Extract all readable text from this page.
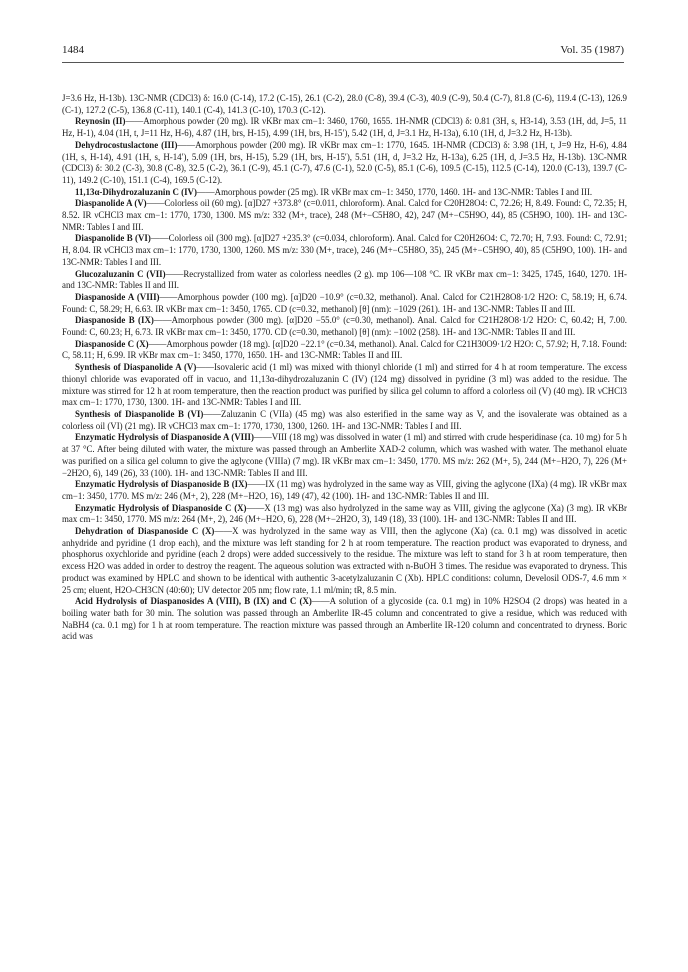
1484	Vol. 35 (1987)

J=3.6 Hz, H-13b). 13C-NMR (CDCl3) δ: 16.0 (C-14), 17.2 (C-15), 26.1 (C-2), 28.0 (C-8), 39.4 (C-3), 40.9 (C-9), 50.4 (C-7), 81.8 (C-6), 119.4 (C-13), 126.9 (C-1), 127.2 (C-5), 136.8 (C-11), 140.1 (C-4), 141.3 (C-10), 170.3 (C-12).

Reynosin (II)——Amorphous powder (20 mg). IR νKBr max cm−1: 3460, 1760, 1655. 1H-NMR (CDCl3) δ: 0.81 (3H, s, H3-14), 3.53 (1H, dd, J=5, 11 Hz, H-1), 4.04 (1H, t, J=11 Hz, H-6), 4.87 (1H, brs, H-15), 4.99 (1H, brs, H-15′), 5.42 (1H, d, J=3.1 Hz, H-13a), 6.10 (1H, d, J=3.2 Hz, H-13b).

Dehydrocostuslactone (III)——Amorphous powder (200 mg). IR νKBr max cm−1: 1770, 1645. 1H-NMR (CDCl3) δ: 3.98 (1H, t, J=9 Hz, H-6), 4.84 (1H, s, H-14), 4.91 (1H, s, H-14′), 5.09 (1H, brs, H-15), 5.29 (1H, brs, H-15′), 5.51 (1H, d, J=3.2 Hz, H-13a), 6.25 (1H, d, J=3.5 Hz, H-13b). 13C-NMR (CDCl3) δ: 30.2 (C-3), 30.8 (C-8), 32.5 (C-2), 36.1 (C-9), 45.1 (C-7), 47.6 (C-1), 52.0 (C-5), 85.1 (C-6), 109.5 (C-15), 112.5 (C-14), 120.0 (C-13), 139.7 (C-11), 149.2 (C-10), 151.1 (C-4), 169.5 (C-12).

11,13α-Dihydrozaluzanin C (IV)——Amorphous powder (25 mg). IR νKBr max cm−1: 3450, 1770, 1460. 1H- and 13C-NMR: Tables I and III.

Diaspanolide A (V)——Colorless oil (60 mg). [α]D27 +373.8° (c=0.011, chloroform). Anal. Calcd for C20H28O4: C, 72.26; H, 8.49. Found: C, 72.35; H, 8.52. IR νCHCl3 max cm−1: 1770, 1730, 1300. MS m/z: 332 (M+, trace), 248 (M+−C5H8O, 42), 247 (M+−C5H9O, 44), 85 (C5H9O, 100). 1H- and 13C-NMR: Tables I and III.

Diaspanolide B (VI)——Colorless oil (300 mg). [α]D27 +235.3° (c=0.034, chloroform). Anal. Calcd for C20H26O4: C, 72.70; H, 7.93. Found: C, 72.91; H, 8.04. IR νCHCl3 max cm−1: 1770, 1730, 1300, 1260. MS m/z: 330 (M+, trace), 246 (M+−C5H8O, 35), 245 (M+−C5H9O, 40), 85 (C5H9O, 100). 1H- and 13C-NMR: Tables I and III.

Glucozaluzanin C (VII)——Recrystallized from water as colorless needles (2 g). mp 106—108 °C. IR νKBr max cm−1: 3425, 1745, 1640, 1270. 1H- and 13C-NMR: Tables II and III.

Diaspanoside A (VIII)——Amorphous powder (100 mg). [α]D20 −10.9° (c=0.32, methanol). Anal. Calcd for C21H28O8·1/2 H2O: C, 58.19; H, 6.74. Found: C, 58.29; H, 6.63. IR νKBr max cm−1: 3450, 1765. CD (c=0.32, methanol) [θ] (nm): −1029 (261). 1H- and 13C-NMR: Tables II and III.

Diaspanoside B (IX)——Amorphous powder (300 mg). [α]D20 −55.0° (c=0.30, methanol). Anal. Calcd for C21H28O8·1/2 H2O: C, 60.42; H, 7.00. Found: C, 60.23; H, 6.73. IR νKBr max cm−1: 3450, 1770. CD (c=0.30, methanol) [θ] (nm): −1002 (258). 1H- and 13C-NMR: Tables II and III.

Diaspanoside C (X)——Amorphous powder (18 mg). [α]D20 −22.1° (c=0.34, methanol). Anal. Calcd for C21H30O9·1/2 H2O: C, 57.92; H, 7.18. Found: C, 58.11; H, 6.99. IR νKBr max cm−1: 3450, 1770, 1650. 1H- and 13C-NMR: Tables II and III.

Synthesis of Diaspanolide A (V)——Isovaleric acid (1 ml) was mixed with thionyl chloride (1 ml) and stirred for 4 h at room temperature. The excess thionyl chloride was evaporated off in vacuo, and 11,13α-dihydrozaluzanin C (IV) (124 mg) dissolved in pyridine (3 ml) was added to the residue. The mixture was stirred for 12 h at room temperature, then the reaction product was purified by silica gel column to afford a colorless oil (V) (40 mg). IR νCHCl3 max cm−1: 1770, 1730, 1300. 1H- and 13C-NMR: Tables I and III.

Synthesis of Diaspanolide B (VI)——Zaluzanin C (VIIa) (45 mg) was also esterified in the same way as V, and the isovalerate was obtained as a colorless oil (VI) (21 mg). IR νCHCl3 max cm−1: 1770, 1730, 1300, 1260. 1H- and 13C-NMR: Tables I and III.

Enzymatic Hydrolysis of Diaspanoside A (VIII)——VIII (18 mg) was dissolved in water (1 ml) and stirred with crude hesperidinase (ca. 10 mg) for 5 h at 37 °C. After being diluted with water, the mixture was passed through an Amberlite XAD-2 column, which was washed with water. The methanol eluate was purified on a silica gel column to give the aglycone (VIIIa) (7 mg). IR νKBr max cm−1: 3450, 1770. MS m/z: 262 (M+, 5), 244 (M+−H2O, 7), 226 (M+−2H2O, 6), 149 (26), 33 (100). 1H- and 13C-NMR: Tables II and III.

Enzymatic Hydrolysis of Diaspanoside B (IX)——IX (11 mg) was hydrolyzed in the same way as VIII, giving the aglycone (IXa) (4 mg). IR νKBr max cm−1: 3450, 1770. MS m/z: 246 (M+, 2), 228 (M+−H2O, 16), 149 (47), 42 (100). 1H- and 13C-NMR: Tables II and III.

Enzymatic Hydrolysis of Diaspanoside C (X)——X (13 mg) was also hydrolyzed in the same way as VIII, giving the aglycone (Xa) (3 mg). IR νKBr max cm−1: 3450, 1770. MS m/z: 264 (M+, 2), 246 (M+−H2O, 6), 228 (M+−2H2O, 3), 149 (18), 33 (100). 1H- and 13C-NMR: Tables II and III.

Dehydration of Diaspanoside C (X)——X was hydrolyzed in the same way as VIII, then the aglycone (Xa) (ca. 0.1 mg) was dissolved in acetic anhydride and pyridine (1 drop each), and the mixture was left standing for 2 h at room temperature. The reaction product was evaporated to dryness, and phosphorus oxychloride and pyridine (each 2 drops) were added successively to the residue. The mixture was left to stand for 3 h at room temperature, then excess H2O was added in order to destroy the reagent. The aqueous solution was extracted with n-BuOH 3 times. The residue was evaporated to dryness. This product was examined by HPLC and shown to be identical with authentic 3-acetylzaluzanin C (Xb). HPLC conditions: column, Develosil ODS-7, 4.6 mm × 25 cm; eluent, H2O-CH3CN (40:60); UV detector 205 nm; flow rate, 1.1 ml/min; tR, 8.5 min.

Acid Hydrolysis of Diaspanosides A (VIII), B (IX) and C (X)——A solution of a glycoside (ca. 0.1 mg) in 10% H2SO4 (2 drops) was heated in a boiling water bath for 30 min. The solution was passed through an Amberlite IR-45 column and concentrated to give a residue, which was reduced with NaBH4 (ca. 0.1 mg) for 1 h at room temperature. The reaction mixture was passed through an Amberlite IR-120 column and concentrated to dryness. Boric acid was
